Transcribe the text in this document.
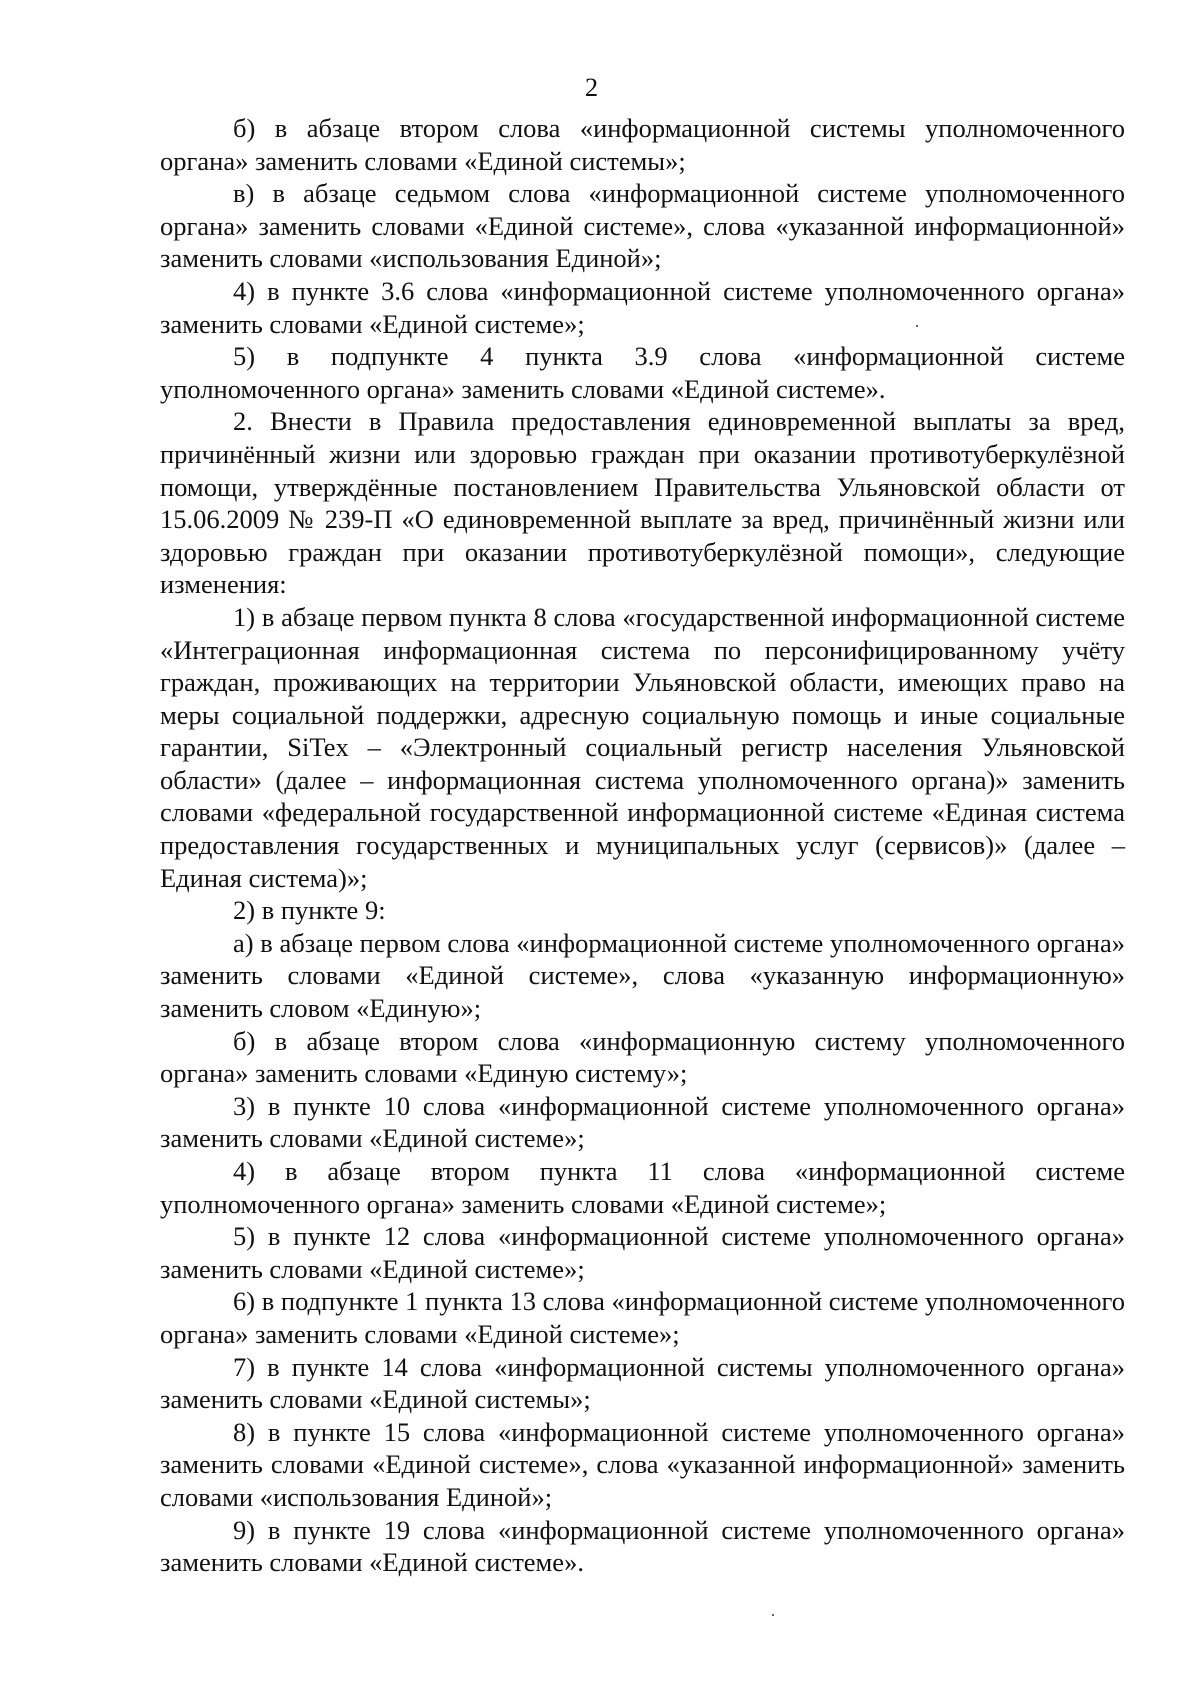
2

б) в абзаце втором слова «информационной системы уполномоченного органа» заменить словами «Единой системы»;

в) в абзаце седьмом слова «информационной системе уполномоченного органа» заменить словами «Единой системе», слова «указанной информационной» заменить словами «использования Единой»;

4) в пункте 3.6 слова «информационной системе уполномоченного органа» заменить словами «Единой системе»;

5) в подпункте 4 пункта 3.9 слова «информационной системе уполномоченного органа» заменить словами «Единой системе».

2. Внести в Правила предоставления единовременной выплаты за вред, причинённый жизни или здоровью граждан при оказании противотуберкулёзной помощи, утверждённые постановлением Правительства Ульяновской области от 15.06.2009 № 239-П «О единовременной выплате за вред, причинённый жизни или здоровью граждан при оказании противотуберкулёзной помощи», следующие изменения:

1) в абзаце первом пункта 8 слова «государственной информационной системе «Интеграционная информационная система по персонифицированному учёту граждан, проживающих на территории Ульяновской области, имеющих право на меры социальной поддержки, адресную социальную помощь и иные социальные гарантии, SiTex – «Электронный социальный регистр населения Ульяновской области» (далее – информационная система уполномоченного органа)» заменить словами «федеральной государственной информационной системе «Единая система предоставления государственных и муниципальных услуг (сервисов)» (далее – Единая система)»;

2) в пункте 9:

а) в абзаце первом слова «информационной системе уполномоченного органа» заменить словами «Единой системе», слова «указанную информационную» заменить словом «Единую»;

б) в абзаце втором слова «информационную систему уполномоченного органа» заменить словами «Единую систему»;

3) в пункте 10 слова «информационной системе уполномоченного органа» заменить словами «Единой системе»;

4) в абзаце втором пункта 11 слова «информационной системе уполномоченного органа» заменить словами «Единой системе»;

5) в пункте 12 слова «информационной системе уполномоченного органа» заменить словами «Единой системе»;

6) в подпункте 1 пункта 13 слова «информационной системе уполномоченного органа» заменить словами «Единой системе»;

7) в пункте 14 слова «информационной системы уполномоченного органа» заменить словами «Единой системы»;

8) в пункте 15 слова «информационной системе уполномоченного органа» заменить словами «Единой системе», слова «указанной информационной» заменить словами «использования Единой»;

9) в пункте 19 слова «информационной системе уполномоченного органа» заменить словами «Единой системе».
